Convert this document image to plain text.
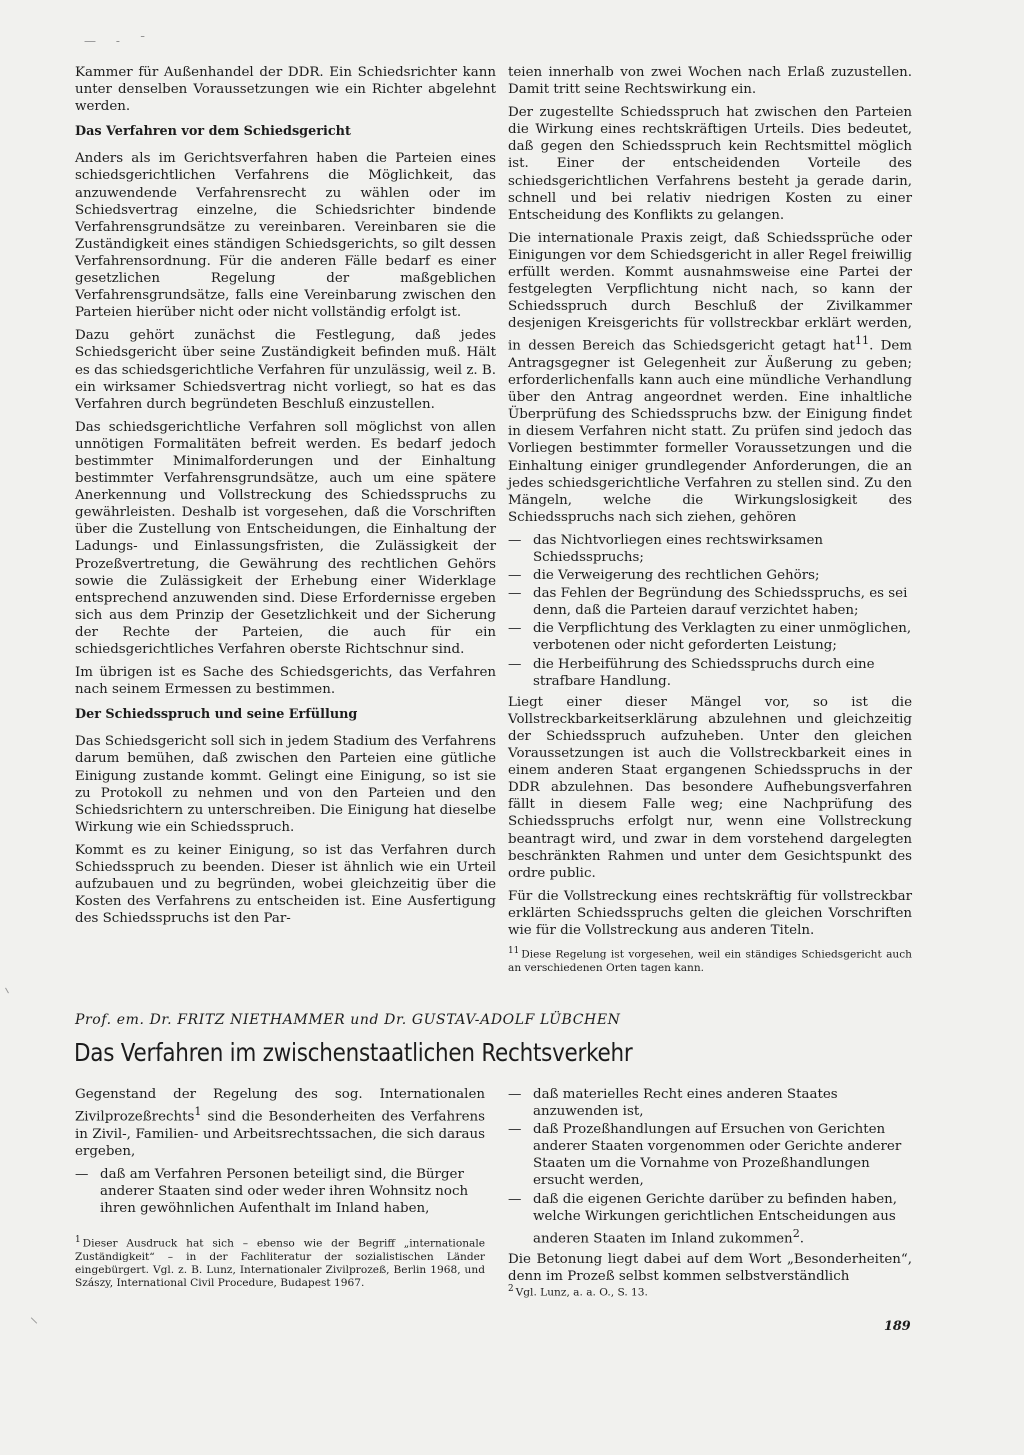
— - ˉ

Kammer für Außenhandel der DDR. Ein Schiedsrichter kann unter denselben Voraussetzungen wie ein Richter abgelehnt werden.

Das Verfahren vor dem Schiedsgericht

Anders als im Gerichtsverfahren haben die Parteien eines schiedsgerichtlichen Verfahrens die Möglichkeit, das anzuwendende Verfahrensrecht zu wählen oder im Schiedsvertrag einzelne, die Schiedsrichter bindende Verfahrensgrundsätze zu vereinbaren. Vereinbaren sie die Zuständigkeit eines ständigen Schiedsgerichts, so gilt dessen Verfahrensordnung. Für die anderen Fälle bedarf es einer gesetzlichen Regelung der maßgeblichen Verfahrensgrundsätze, falls eine Vereinbarung zwischen den Parteien hierüber nicht oder nicht vollständig erfolgt ist.

Dazu gehört zunächst die Festlegung, daß jedes Schiedsgericht über seine Zuständigkeit befinden muß. Hält es das schiedsgerichtliche Verfahren für unzulässig, weil z. B. ein wirksamer Schiedsvertrag nicht vorliegt, so hat es das Verfahren durch begründeten Beschluß einzustellen.

Das schiedsgerichtliche Verfahren soll möglichst von allen unnötigen Formalitäten befreit werden. Es bedarf jedoch bestimmter Minimalforderungen und der Einhaltung bestimmter Verfahrensgrundsätze, auch um eine spätere Anerkennung und Vollstreckung des Schiedsspruchs zu gewährleisten. Deshalb ist vorgesehen, daß die Vorschriften über die Zustellung von Entscheidungen, die Einhaltung der Ladungs- und Einlassungsfristen, die Zulässigkeit der Prozeßvertretung, die Gewährung des rechtlichen Gehörs sowie die Zulässigkeit der Erhebung einer Widerklage entsprechend anzuwenden sind. Diese Erfordernisse ergeben sich aus dem Prinzip der Gesetzlichkeit und der Sicherung der Rechte der Parteien, die auch für ein schiedsgerichtliches Verfahren oberste Richtschnur sind.

Im übrigen ist es Sache des Schiedsgerichts, das Verfahren nach seinem Ermessen zu bestimmen.

Der Schiedsspruch und seine Erfüllung

Das Schiedsgericht soll sich in jedem Stadium des Verfahrens darum bemühen, daß zwischen den Parteien eine gütliche Einigung zustande kommt. Gelingt eine Einigung, so ist sie zu Protokoll zu nehmen und von den Parteien und den Schiedsrichtern zu unterschreiben. Die Einigung hat dieselbe Wirkung wie ein Schiedsspruch.

Kommt es zu keiner Einigung, so ist das Verfahren durch Schiedsspruch zu beenden. Dieser ist ähnlich wie ein Urteil aufzubauen und zu begründen, wobei gleichzeitig über die Kosten des Verfahrens zu entscheiden ist. Eine Ausfertigung des Schiedsspruchs ist den Par-

teien innerhalb von zwei Wochen nach Erlaß zuzustellen. Damit tritt seine Rechtswirkung ein.

Der zugestellte Schiedsspruch hat zwischen den Parteien die Wirkung eines rechtskräftigen Urteils. Dies bedeutet, daß gegen den Schiedsspruch kein Rechtsmittel möglich ist. Einer der entscheidenden Vorteile des schiedsgerichtlichen Verfahrens besteht ja gerade darin, schnell und bei relativ niedrigen Kosten zu einer Entscheidung des Konflikts zu gelangen.

Die internationale Praxis zeigt, daß Schiedssprüche oder Einigungen vor dem Schiedsgericht in aller Regel freiwillig erfüllt werden. Kommt ausnahmsweise eine Partei der festgelegten Verpflichtung nicht nach, so kann der Schiedsspruch durch Beschluß der Zivilkammer desjenigen Kreisgerichts für vollstreckbar erklärt werden, in dessen Bereich das Schiedsgericht getagt hat$^{11}$. Dem Antragsgegner ist Gelegenheit zur Äußerung zu geben; erforderlichenfalls kann auch eine mündliche Verhandlung über den Antrag angeordnet werden. Eine inhaltliche Überprüfung des Schiedsspruchs bzw. der Einigung findet in diesem Verfahren nicht statt. Zu prüfen sind jedoch das Vorliegen bestimmter formeller Voraussetzungen und die Einhaltung einiger grundlegender Anforderungen, die an jedes schiedsgerichtliche Verfahren zu stellen sind. Zu den Mängeln, welche die Wirkungslosigkeit des Schiedsspruchs nach sich ziehen, gehören

— das Nichtvorliegen eines rechtswirksamen Schiedsspruchs;
— die Verweigerung des rechtlichen Gehörs;
— das Fehlen der Begründung des Schiedsspruchs, es sei denn, daß die Parteien darauf verzichtet haben;
— die Verpflichtung des Verklagten zu einer unmöglichen, verbotenen oder nicht geforderten Leistung;
— die Herbeiführung des Schiedsspruchs durch eine strafbare Handlung.

Liegt einer dieser Mängel vor, so ist die Vollstreckbarkeitserklärung abzulehnen und gleichzeitig der Schiedsspruch aufzuheben. Unter den gleichen Voraussetzungen ist auch die Vollstreckbarkeit eines in einem anderen Staat ergangenen Schiedsspruchs in der DDR abzulehnen. Das besondere Aufhebungsverfahren fällt in diesem Falle weg; eine Nachprüfung des Schiedsspruchs erfolgt nur, wenn eine Vollstreckung beantragt wird, und zwar in dem vorstehend dargelegten beschränkten Rahmen und unter dem Gesichtspunkt des ordre public.

Für die Vollstreckung eines rechtskräftig für vollstreckbar erklärten Schiedsspruchs gelten die gleichen Vorschriften wie für die Vollstreckung aus anderen Titeln.

$^{11}$ Diese Regelung ist vorgesehen, weil ein ständiges Schiedsgericht auch an verschiedenen Orten tagen kann.
Prof. em. Dr. FRITZ NIETHAMMER und Dr. GUSTAV-ADOLF LÜBCHEN
Das Verfahren im zwischenstaatlichen Rechtsverkehr

Gegenstand der Regelung des sog. Internationalen Zivilprozeßrechts$^1$ sind die Besonderheiten des Verfahrens in Zivil-, Familien- und Arbeitsrechtssachen, die sich daraus ergeben,

— daß am Verfahren Personen beteiligt sind, die Bürger anderer Staaten sind oder weder ihren Wohnsitz noch ihren gewöhnlichen Aufenthalt im Inland haben,
— daß materielles Recht eines anderen Staates anzuwenden ist,
— daß Prozeßhandlungen auf Ersuchen von Gerichten anderer Staaten vorgenommen oder Gerichte anderer Staaten um die Vornahme von Prozeßhandlungen ersucht werden,
— daß die eigenen Gerichte darüber zu befinden haben, welche Wirkungen gerichtlichen Entscheidungen aus anderen Staaten im Inland zukommen$^2$.

Die Betonung liegt dabei auf dem Wort „Besonderheiten“, denn im Prozeß selbst kommen selbstverständlich

$^1$ Dieser Ausdruck hat sich – ebenso wie der Begriff „internationale Zuständigkeit“ – in der Fachliteratur der sozialistischen Länder eingebürgert. Vgl. z. B. Lunz, Internationaler Zivilprozeß, Berlin 1968, und Szászy, International Civil Procedure, Budapest 1967.
$^2$ Vgl. Lunz, a. a. O., S. 13.
189
